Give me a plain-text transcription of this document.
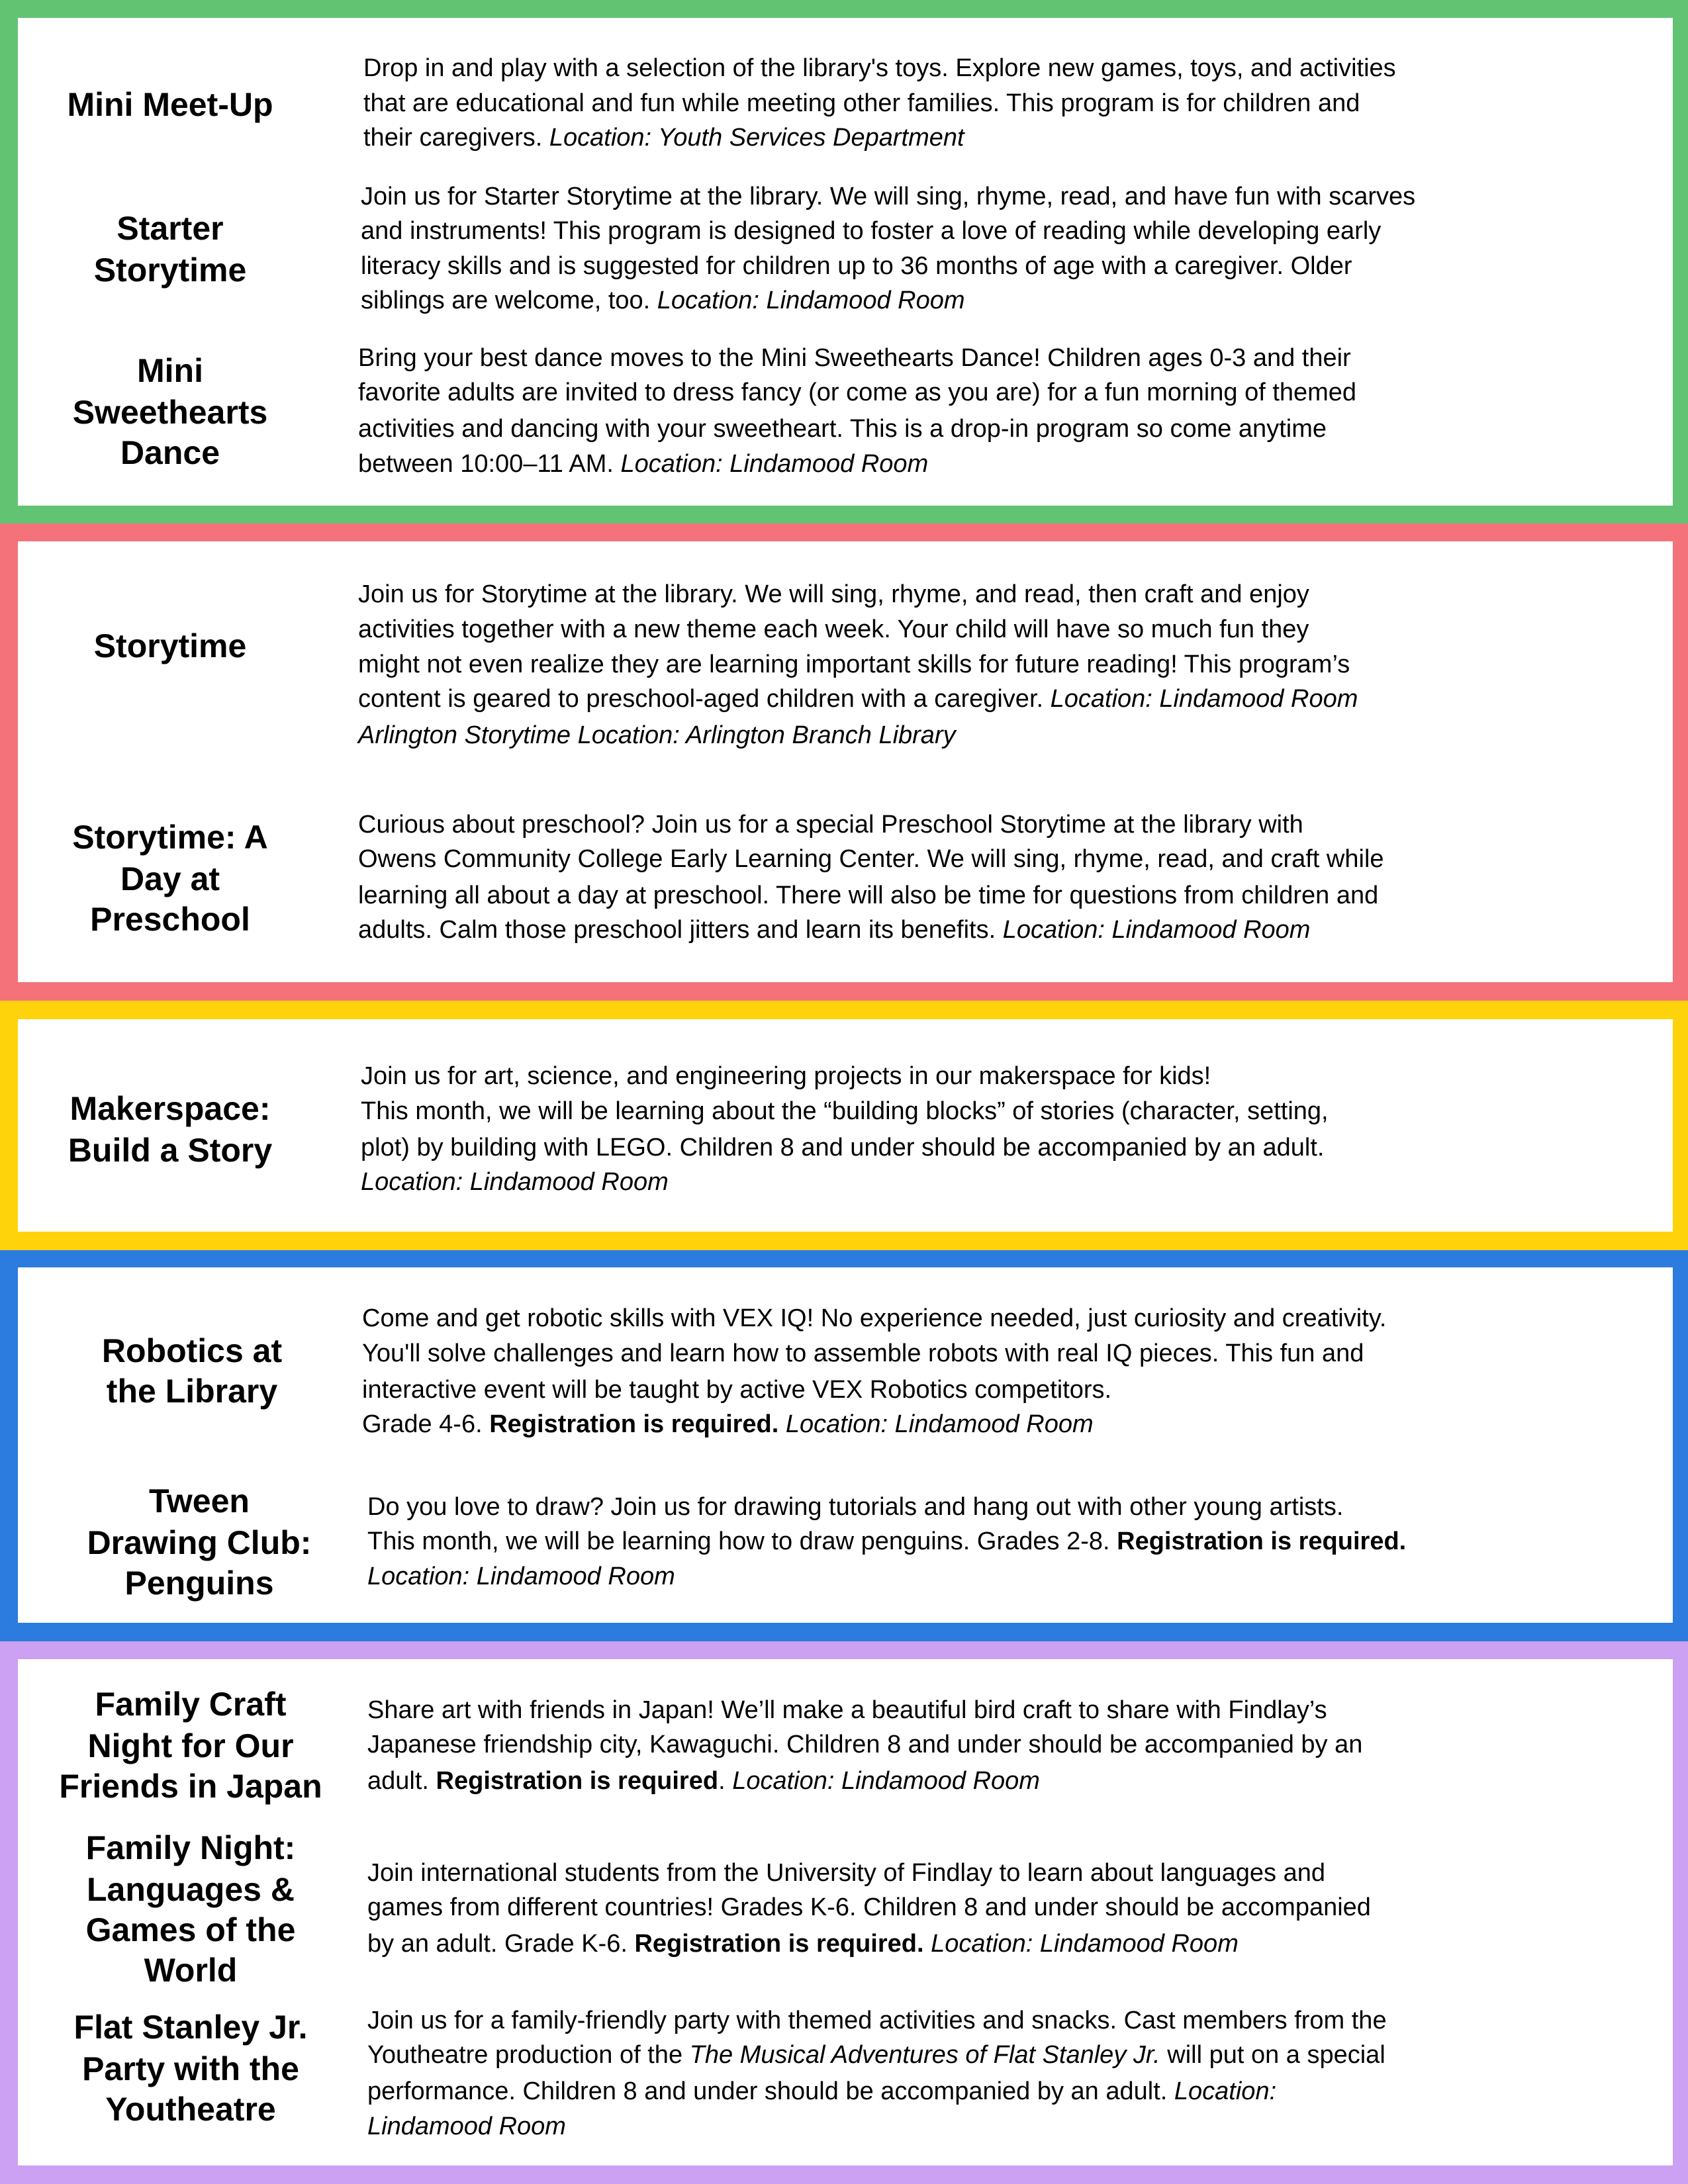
Mini Meet-Up
Drop in and play with a selection of the library's toys. Explore new games, toys, and activities
that are educational and fun while meeting other families. This program is for children and
their caregivers. Location: Youth Services Department
Starter
Storytime
Join us for Starter Storytime at the library. We will sing, rhyme, read, and have fun with scarves
and instruments! This program is designed to foster a love of reading while developing early
literacy skills and is suggested for children up to 36 months of age with a caregiver. Older
siblings are welcome, too. Location: Lindamood Room
Mini
Sweethearts
Dance
Bring your best dance moves to the Mini Sweethearts Dance! Children ages 0-3 and their
favorite adults are invited to dress fancy (or come as you are) for a fun morning of themed
activities and dancing with your sweetheart. This is a drop-in program so come anytime
between 10:00–11 AM. Location: Lindamood Room
Storytime
Join us for Storytime at the library. We will sing, rhyme, and read, then craft and enjoy
activities together with a new theme each week. Your child will have so much fun they
might not even realize they are learning important skills for future reading! This program’s
content is geared to preschool-aged children with a caregiver. Location: Lindamood Room
Arlington Storytime Location: Arlington Branch Library
Storytime: A
Day at
Preschool
Curious about preschool? Join us for a special Preschool Storytime at the library with
Owens Community College Early Learning Center. We will sing, rhyme, read, and craft while
learning all about a day at preschool. There will also be time for questions from children and
adults. Calm those preschool jitters and learn its benefits. Location: Lindamood Room
Makerspace:
Build a Story
Join us for art, science, and engineering projects in our makerspace for kids!
This month, we will be learning about the “building blocks” of stories (character, setting,
plot) by building with LEGO. Children 8 and under should be accompanied by an adult.
Location: Lindamood Room
Robotics at
the Library
Come and get robotic skills with VEX IQ! No experience needed, just curiosity and creativity.
You'll solve challenges and learn how to assemble robots with real IQ pieces. This fun and
interactive event will be taught by active VEX Robotics competitors.
Grade 4-6. Registration is required. Location: Lindamood Room
Tween
Drawing Club:
Penguins
Do you love to draw? Join us for drawing tutorials and hang out with other young artists.
This month, we will be learning how to draw penguins. Grades 2-8. Registration is required.
Location: Lindamood Room
Family Craft
Night for Our
Friends in Japan
Share art with friends in Japan! We’ll make a beautiful bird craft to share with Findlay’s
Japanese friendship city, Kawaguchi. Children 8 and under should be accompanied by an
adult. Registration is required. Location: Lindamood Room
Family Night:
Languages &
Games of the
World
Join international students from the University of Findlay to learn about languages and
games from different countries! Grades K-6. Children 8 and under should be accompanied
by an adult. Grade K-6. Registration is required. Location: Lindamood Room
Flat Stanley Jr.
Party with the
Youtheatre
Join us for a family-friendly party with themed activities and snacks. Cast members from the
Youtheatre production of the The Musical Adventures of Flat Stanley Jr. will put on a special
performance. Children 8 and under should be accompanied by an adult. Location:
Lindamood Room
